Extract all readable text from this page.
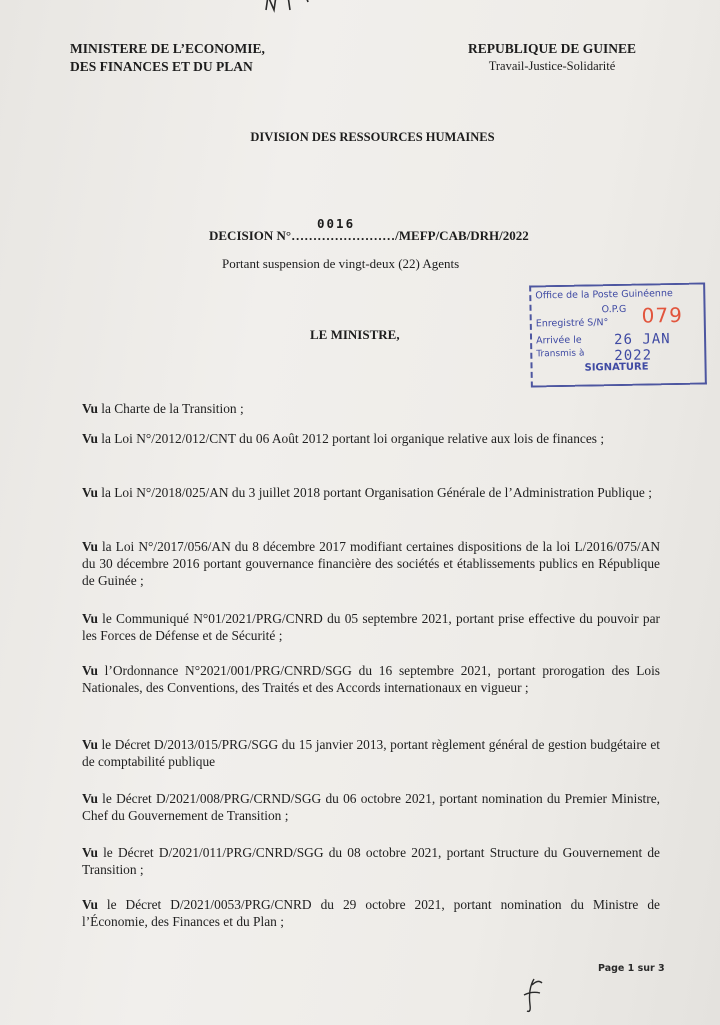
MINISTERE DE L’ECONOMIE,
DES FINANCES ET DU PLAN
REPUBLIQUE DE GUINEE
Travail-Justice-Solidarité
DIVISION DES RESSOURCES HUMAINES
DECISION N°……………………/MEFP/CAB/DRH/2022
0016
Portant suspension de vingt-deux (22) Agents
Office de la Poste Guinéenne
O.P.G
Enregistré S/N°
Arrivée le
Transmis à
SIGNATURE
079
26 JAN 2022
LE MINISTRE,
Vu la Charte de la Transition ;
Vu la Loi N°/2012/012/CNT du 06 Août 2012 portant loi organique relative aux lois de finances ;
Vu la Loi N°/2018/025/AN du 3 juillet 2018 portant Organisation Générale de l’Administration Publique ;
Vu la Loi N°/2017/056/AN du 8 décembre 2017 modifiant certaines dispositions de la loi L/2016/075/AN du 30 décembre 2016 portant gouvernance financière des sociétés et établissements publics en République de Guinée ;
Vu le Communiqué N°01/2021/PRG/CNRD du 05 septembre 2021, portant prise effective du pouvoir par les Forces de Défense et de Sécurité ;
Vu l’Ordonnance N°2021/001/PRG/CNRD/SGG du 16 septembre 2021, portant prorogation des Lois Nationales, des Conventions, des Traités et des Accords internationaux en vigueur ;
Vu le Décret D/2013/015/PRG/SGG du 15 janvier 2013, portant règlement général de gestion budgétaire et de comptabilité publique
Vu le Décret D/2021/008/PRG/CRND/SGG du 06 octobre 2021, portant nomination du Premier Ministre, Chef du Gouvernement de Transition ;
Vu le Décret D/2021/011/PRG/CNRD/SGG du 08 octobre 2021, portant Structure du Gouvernement de Transition ;
Vu le Décret D/2021/0053/PRG/CNRD du 29 octobre 2021, portant nomination du Ministre de l’Économie, des Finances et du Plan ;
Page 1 sur 3
